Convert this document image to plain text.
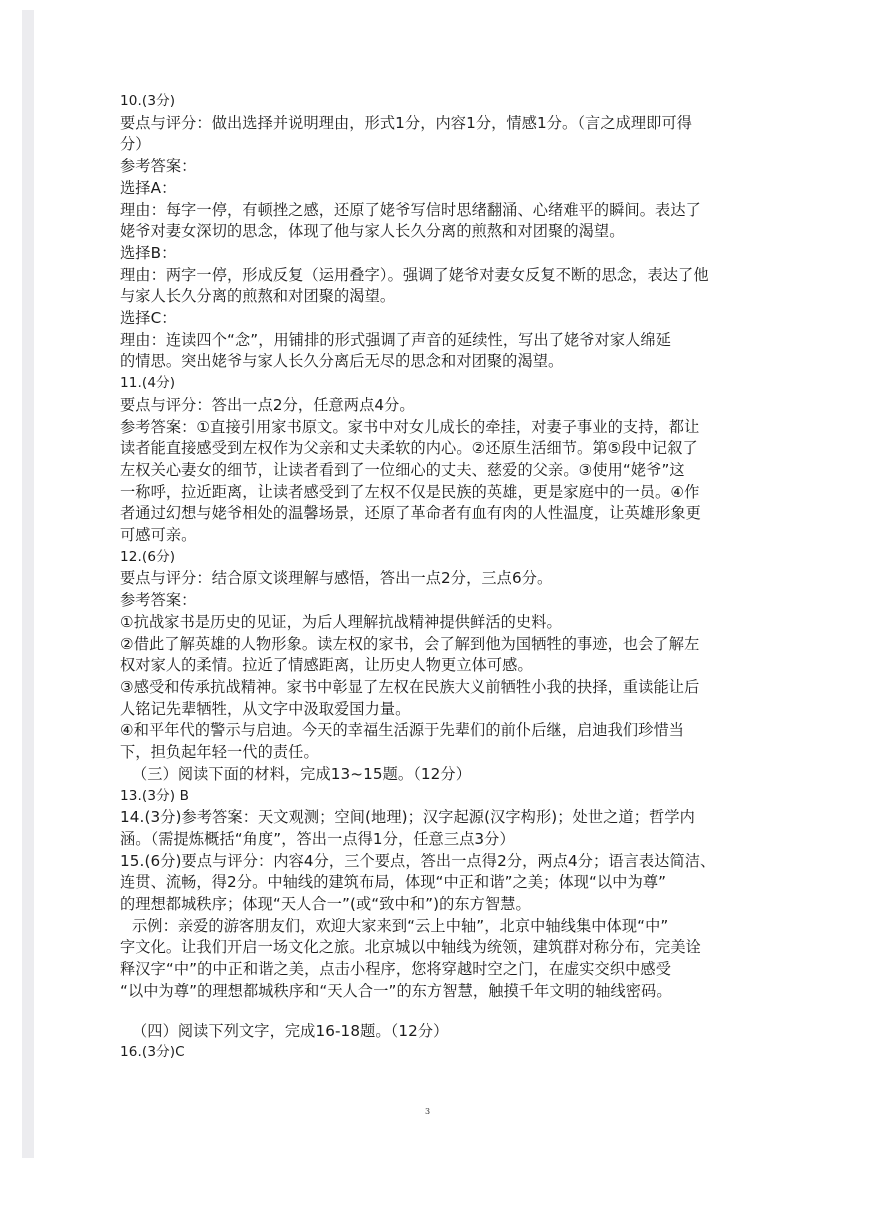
10.(3分)
要点与评分：做出选择并说明理由，形式1分，内容1分，情感1分。（言之成理即可得
分）
参考答案：
选择A：
理由：每字一停，有顿挫之感，还原了姥爷写信时思绪翻涌、心绪难平的瞬间。表达了
姥爷对妻女深切的思念，体现了他与家人长久分离的煎熬和对团聚的渴望。
选择B：
理由：两字一停，形成反复（运用叠字）。强调了姥爷对妻女反复不断的思念，表达了他
与家人长久分离的煎熬和对团聚的渴望。
选择C：
理由：连读四个“念”，用铺排的形式强调了声音的延续性，写出了姥爷对家人绵延
的情思。突出姥爷与家人长久分离后无尽的思念和对团聚的渴望。
11.(4分)
要点与评分：答出一点2分，任意两点4分。
参考答案：①直接引用家书原文。家书中对女儿成长的牵挂，对妻子事业的支持，都让
读者能直接感受到左权作为父亲和丈夫柔软的内心。②还原生活细节。第⑤段中记叙了
左权关心妻女的细节，让读者看到了一位细心的丈夫、慈爱的父亲。③使用“姥爷”这
一称呼，拉近距离，让读者感受到了左权不仅是民族的英雄，更是家庭中的一员。④作
者通过幻想与姥爷相处的温馨场景，还原了革命者有血有肉的人性温度，让英雄形象更
可感可亲。
12.(6分)
要点与评分：结合原文谈理解与感悟，答出一点2分，三点6分。
参考答案：
①抗战家书是历史的见证，为后人理解抗战精神提供鲜活的史料。
②借此了解英雄的人物形象。读左权的家书，会了解到他为国牺牲的事迹，也会了解左
权对家人的柔情。拉近了情感距离，让历史人物更立体可感。
③感受和传承抗战精神。家书中彰显了左权在民族大义前牺牲小我的抉择，重读能让后
人铭记先辈牺牲，从文字中汲取爱国力量。
④和平年代的警示与启迪。今天的幸福生活源于先辈们的前仆后继，启迪我们珍惜当
下，担负起年轻一代的责任。
（三）阅读下面的材料，完成13~15题。（12分）
13.(3分) B
14.(3分)参考答案：天文观测；空间(地理)；汉字起源(汉字构形)；处世之道；哲学内
涵。（需提炼概括“角度”，答出一点得1分，任意三点3分）
15.(6分)要点与评分：内容4分，三个要点，答出一点得2分，两点4分；语言表达简洁、
连贯、流畅，得2分。中轴线的建筑布局，体现“中正和谐”之美；体现“以中为尊”
的理想都城秩序；体现“天人合一”(或“致中和”)的东方智慧。
示例：亲爱的游客朋友们，欢迎大家来到“云上中轴”，北京中轴线集中体现“中”
字文化。让我们开启一场文化之旅。北京城以中轴线为统领，建筑群对称分布，完美诠
释汉字“中”的中正和谐之美，点击小程序，您将穿越时空之门，在虚实交织中感受
“以中为尊”的理想都城秩序和“天人合一”的东方智慧，触摸千年文明的轴线密码。
（四）阅读下列文字，完成16-18题。（12分）
16.(3分)C
3
